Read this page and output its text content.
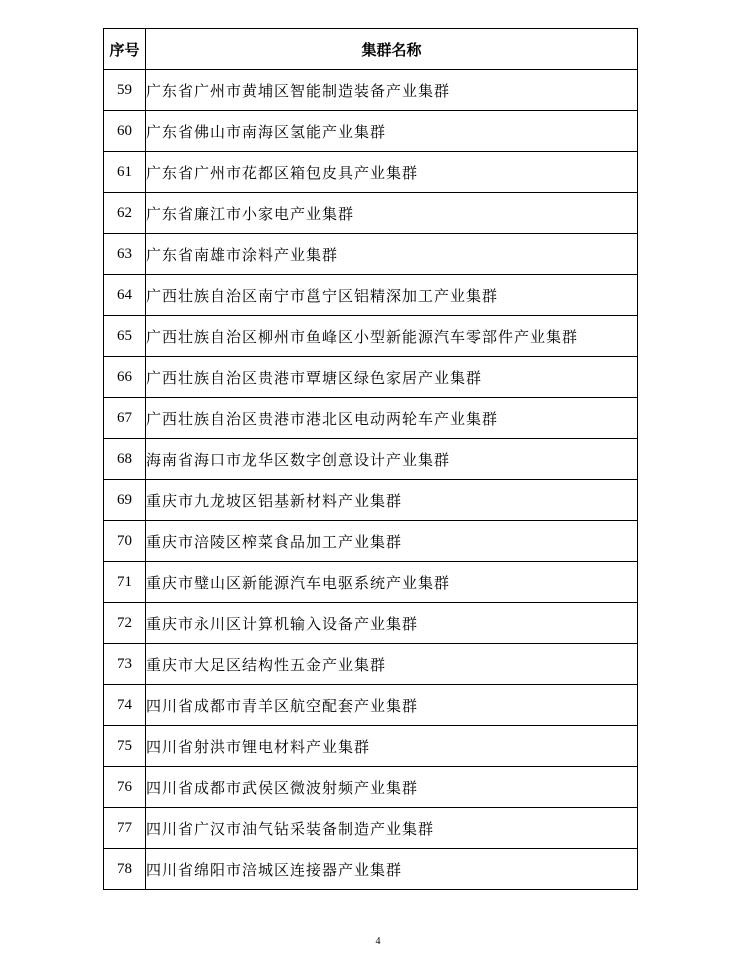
序号	集群名称
59	广东省广州市黄埔区智能制造装备产业集群
60	广东省佛山市南海区氢能产业集群
61	广东省广州市花都区箱包皮具产业集群
62	广东省廉江市小家电产业集群
63	广东省南雄市涂料产业集群
64	广西壮族自治区南宁市邕宁区铝精深加工产业集群
65	广西壮族自治区柳州市鱼峰区小型新能源汽车零部件产业集群
66	广西壮族自治区贵港市覃塘区绿色家居产业集群
67	广西壮族自治区贵港市港北区电动两轮车产业集群
68	海南省海口市龙华区数字创意设计产业集群
69	重庆市九龙坡区铝基新材料产业集群
70	重庆市涪陵区榨菜食品加工产业集群
71	重庆市璧山区新能源汽车电驱系统产业集群
72	重庆市永川区计算机输入设备产业集群
73	重庆市大足区结构性五金产业集群
74	四川省成都市青羊区航空配套产业集群
75	四川省射洪市锂电材料产业集群
76	四川省成都市武侯区微波射频产业集群
77	四川省广汉市油气钻采装备制造产业集群
78	四川省绵阳市涪城区连接器产业集群
4
